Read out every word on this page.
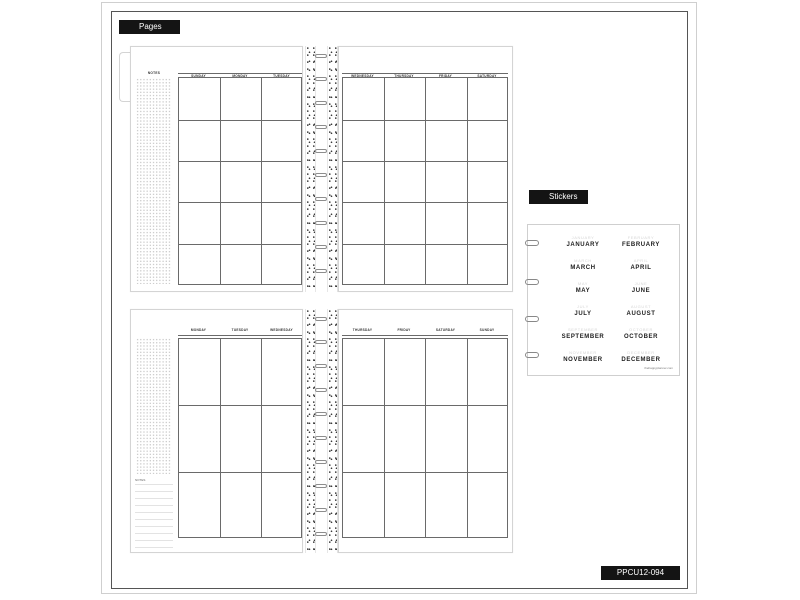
Pages
Stickers
PPCU12-094
NOTES
SUNDAY	MONDAY	TUESDAY	WEDNESDAY	THURSDAY	FRIDAY	SATURDAY
NOTES
MONDAY	TUESDAY	WEDNESDAY	THURSDAY	FRIDAY	SATURDAY	SUNDAY
JANUARY	FEBRUARY
JANUARY	FEBRUARY
MARCH	APRIL
MARCH	APRIL
MAY	JUNE
MAY	JUNE
JULY	AUGUST
JULY	AUGUST
SEPTEMBER	OCTOBER
SEPTEMBER	OCTOBER
NOVEMBER	DECEMBER
NOVEMBER	DECEMBER
thehappyplanner.com
